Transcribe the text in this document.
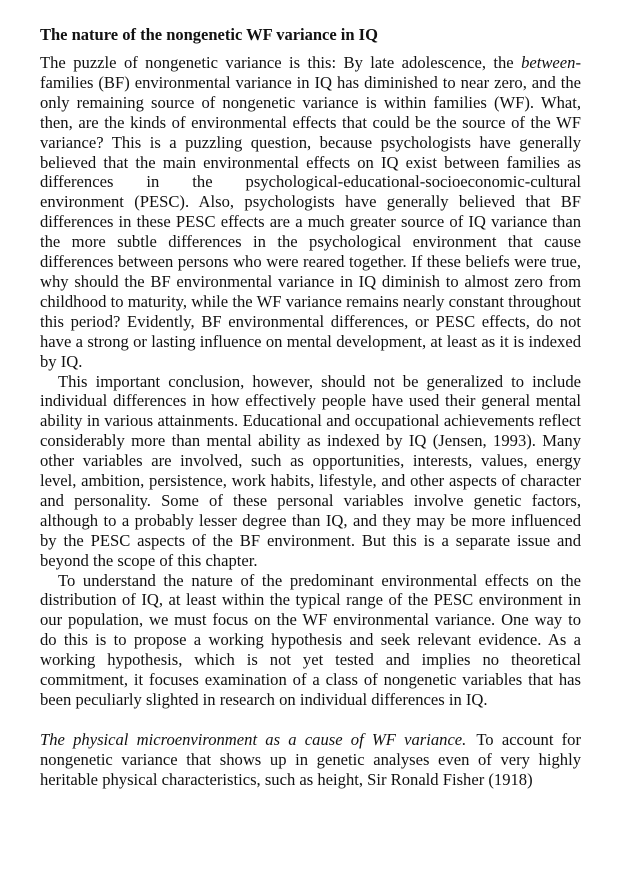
The nature of the nongenetic WF variance in IQ

The puzzle of nongenetic variance is this: By late adolescence, the between-families (BF) environmental variance in IQ has diminished to near zero, and the only remaining source of nongenetic variance is within families (WF). What, then, are the kinds of environmental effects that could be the source of the WF variance? This is a puzzling question, because psychologists have generally believed that the main environmental effects on IQ exist between families as differences in the psychological-educational-socioeconomic-cultural environment (PESC). Also, psychologists have generally believed that BF differences in these PESC effects are a much greater source of IQ variance than the more subtle differences in the psychological environment that cause differences between persons who were reared together. If these beliefs were true, why should the BF environmental variance in IQ diminish to almost zero from childhood to maturity, while the WF variance remains nearly constant throughout this period? Evidently, BF environmental differences, or PESC effects, do not have a strong or lasting influence on mental development, at least as it is indexed by IQ.

This important conclusion, however, should not be generalized to include individual differences in how effectively people have used their general mental ability in various attainments. Educational and occupational achievements reflect considerably more than mental ability as indexed by IQ (Jensen, 1993). Many other variables are involved, such as opportunities, interests, values, energy level, ambition, persistence, work habits, lifestyle, and other aspects of character and personality. Some of these personal variables involve genetic factors, although to a probably lesser degree than IQ, and they may be more influenced by the PESC aspects of the BF environment. But this is a separate issue and beyond the scope of this chapter.

To understand the nature of the predominant environmental effects on the distribution of IQ, at least within the typical range of the PESC environment in our population, we must focus on the WF environmental variance. One way to do this is to propose a working hypothesis and seek relevant evidence. As a working hypothesis, which is not yet tested and implies no theoretical commitment, it focuses examination of a class of nongenetic variables that has been peculiarly slighted in research on individual differences in IQ.

The physical microenvironment as a cause of WF variance. To account for nongenetic variance that shows up in genetic analyses even of very highly heritable physical characteristics, such as height, Sir Ronald Fisher (1918)
